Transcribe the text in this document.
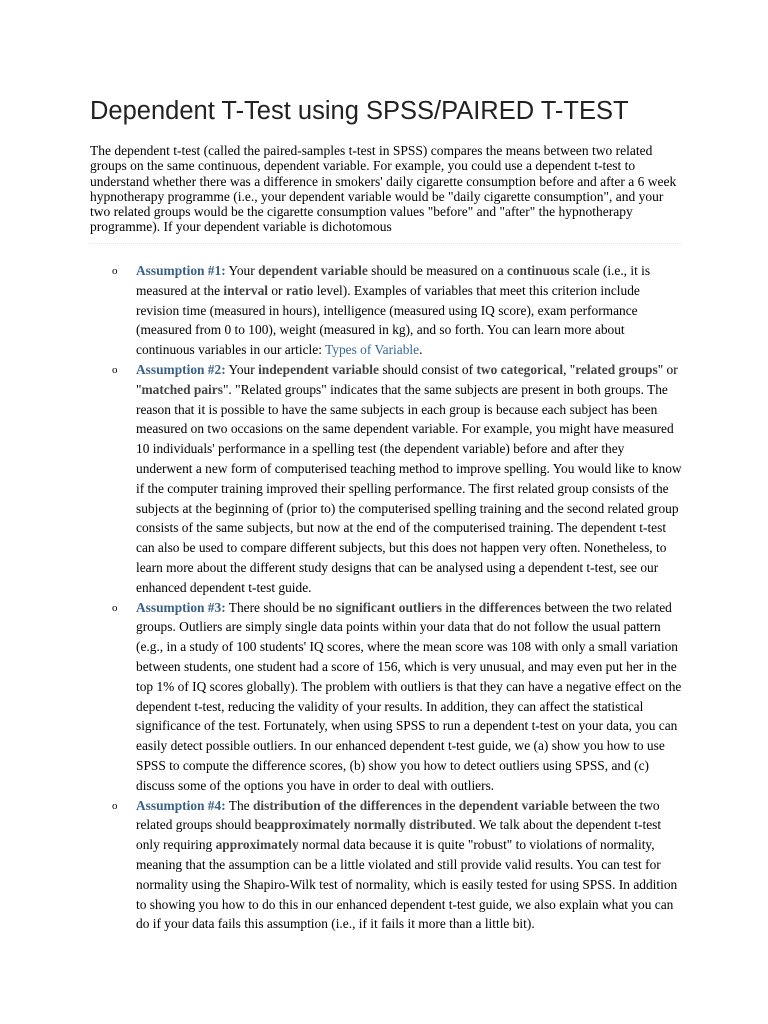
Dependent T-Test using SPSS/PAIRED T-TEST

The dependent t-test (called the paired-samples t-test in SPSS) compares the means between two related groups on the same continuous, dependent variable. For example, you could use a dependent t-test to understand whether there was a difference in smokers' daily cigarette consumption before and after a 6 week hypnotherapy programme (i.e., your dependent variable would be "daily cigarette consumption", and your two related groups would be the cigarette consumption values "before" and "after" the hypnotherapy programme). If your dependent variable is dichotomous

o Assumption #1: Your dependent variable should be measured on a continuous scale (i.e., it is measured at the interval or ratio level). Examples of variables that meet this criterion include revision time (measured in hours), intelligence (measured using IQ score), exam performance (measured from 0 to 100), weight (measured in kg), and so forth. You can learn more about continuous variables in our article: Types of Variable.
o Assumption #2: Your independent variable should consist of two categorical, "related groups" or "matched pairs". "Related groups" indicates that the same subjects are present in both groups. The reason that it is possible to have the same subjects in each group is because each subject has been measured on two occasions on the same dependent variable. For example, you might have measured 10 individuals' performance in a spelling test (the dependent variable) before and after they underwent a new form of computerised teaching method to improve spelling. You would like to know if the computer training improved their spelling performance. The first related group consists of the subjects at the beginning of (prior to) the computerised spelling training and the second related group consists of the same subjects, but now at the end of the computerised training. The dependent t-test can also be used to compare different subjects, but this does not happen very often. Nonetheless, to learn more about the different study designs that can be analysed using a dependent t-test, see our enhanced dependent t-test guide.
o Assumption #3: There should be no significant outliers in the differences between the two related groups. Outliers are simply single data points within your data that do not follow the usual pattern (e.g., in a study of 100 students' IQ scores, where the mean score was 108 with only a small variation between students, one student had a score of 156, which is very unusual, and may even put her in the top 1% of IQ scores globally). The problem with outliers is that they can have a negative effect on the dependent t-test, reducing the validity of your results. In addition, they can affect the statistical significance of the test. Fortunately, when using SPSS to run a dependent t-test on your data, you can easily detect possible outliers. In our enhanced dependent t-test guide, we (a) show you how to use SPSS to compute the difference scores, (b) show you how to detect outliers using SPSS, and (c) discuss some of the options you have in order to deal with outliers.
o Assumption #4: The distribution of the differences in the dependent variable between the two related groups should beapproximately normally distributed. We talk about the dependent t-test only requiring approximately normal data because it is quite "robust" to violations of normality, meaning that the assumption can be a little violated and still provide valid results. You can test for normality using the Shapiro-Wilk test of normality, which is easily tested for using SPSS. In addition to showing you how to do this in our enhanced dependent t-test guide, we also explain what you can do if your data fails this assumption (i.e., if it fails it more than a little bit).
